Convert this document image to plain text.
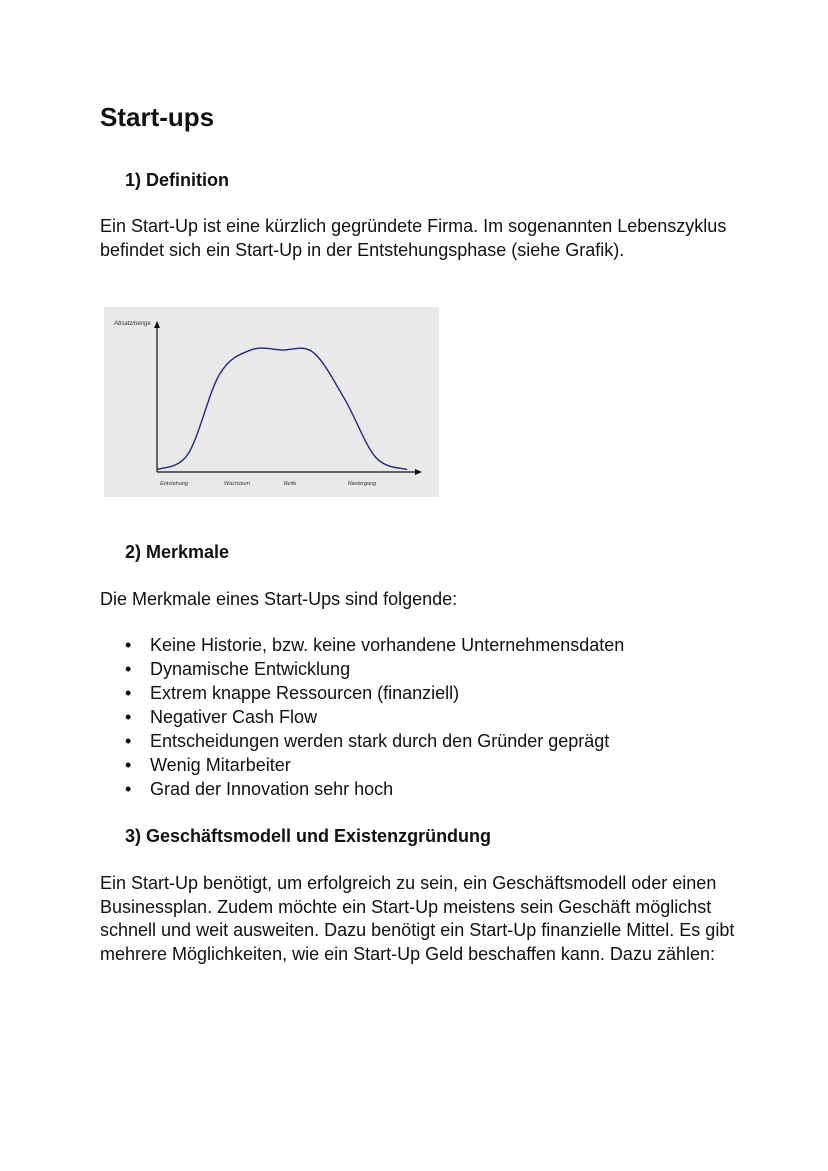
Start-ups
1) Definition

Ein Start-Up ist eine kürzlich gegründete Firma. Im sogenannten Lebenszyklus befindet sich ein Start-Up in der Entstehungsphase (siehe Grafik).

Absatzmenge
Entstehung	Wachstum	Reife	Niedergang
2) Merkmale

Die Merkmale eines Start-Ups sind folgende:

• Keine Historie, bzw. keine vorhandene Unternehmensdaten
• Dynamische Entwicklung
• Extrem knappe Ressourcen (finanziell)
• Negativer Cash Flow
• Entscheidungen werden stark durch den Gründer geprägt
• Wenig Mitarbeiter
• Grad der Innovation sehr hoch
3) Geschäftsmodell und Existenzgründung

Ein Start-Up benötigt, um erfolgreich zu sein, ein Geschäftsmodell oder einen Businessplan. Zudem möchte ein Start-Up meistens sein Geschäft möglichst schnell und weit ausweiten. Dazu benötigt ein Start-Up finanzielle Mittel. Es gibt mehrere Möglichkeiten, wie ein Start-Up Geld beschaffen kann. Dazu zählen:
